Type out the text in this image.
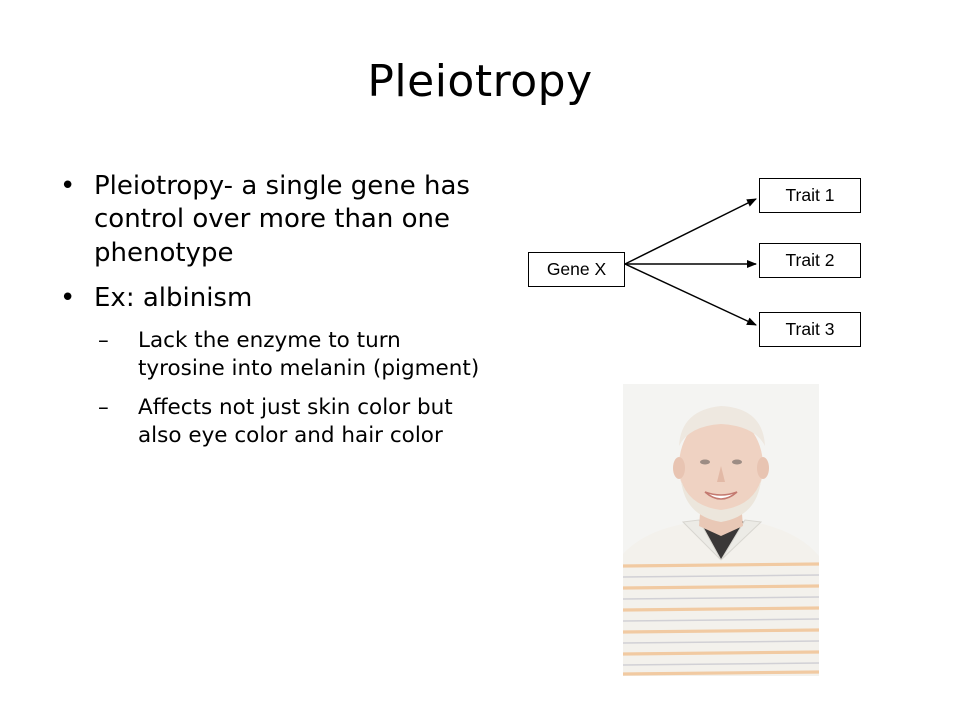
Pleiotropy
• Pleiotropy- a single gene has control over more than one phenotype
• Ex: albinism
– Lack the enzyme to turn tyrosine into melanin (pigment)
– Affects not just skin color but also eye color and hair color
Gene X
Trait 1
Trait 2
Trait 3
